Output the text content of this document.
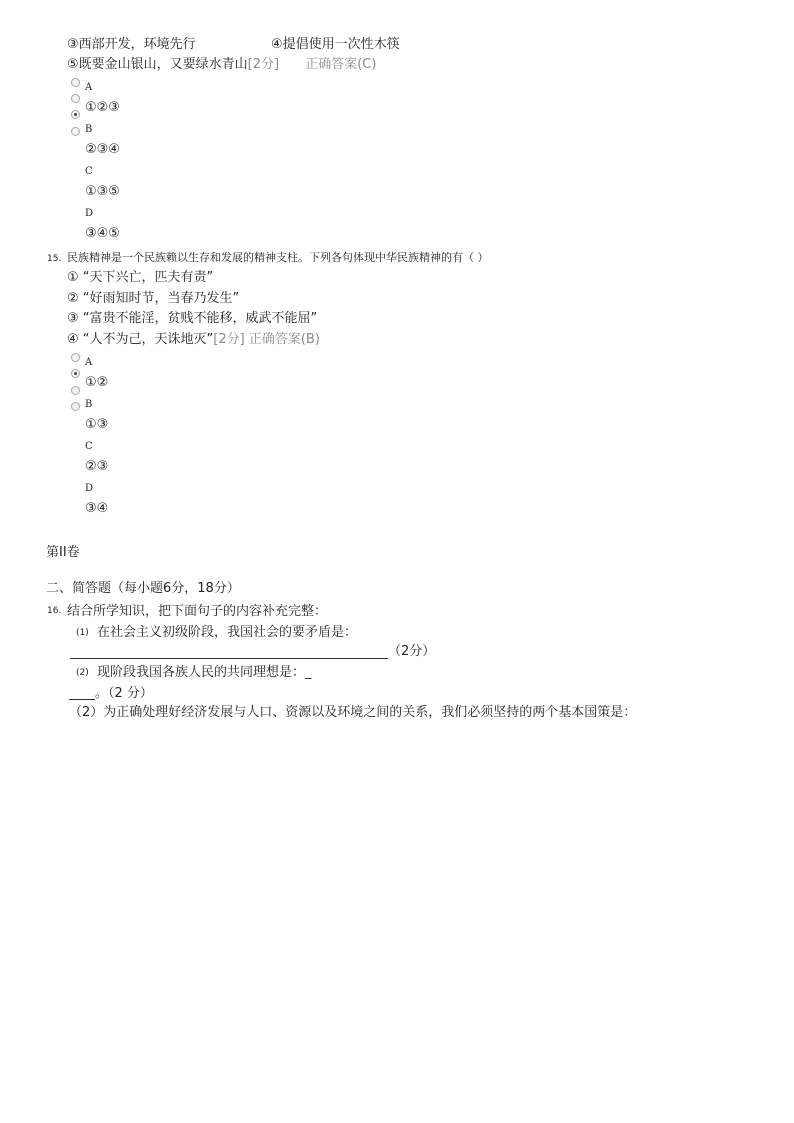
③西部开发，环境先行	④提倡使用一次性木筷
⑤既要金山银山，又要绿水青山[2分] 正确答案(C)
A
①②③
B
②③④
C
①③⑤
D
③④⑤
15. 民族精神是一个民族赖以生存和发展的精神支柱。下列各句体现中华民族精神的有（ ）
① “天下兴亡，匹夫有责”
② “好雨知时节，当春乃发生”
③ “富贵不能淫，贫贱不能移，威武不能屈”
④ “人不为己，天诛地灭”[2分] 正确答案(B)
A
①②
B
①③
C
②③
D
③④
第II卷
二、简答题（每小题6分，18分）
16. 结合所学知识，把下面句子的内容补充完整：
(1) 在社会主义初级阶段，我国社会的要矛盾是：
（2分）
(2) 现阶段我国各族人民的共同理想是：_
____。（2 分）
（2）为正确处理好经济发展与人口、资源以及环境之间的关系，我们必须坚持的两个基本国策是：
